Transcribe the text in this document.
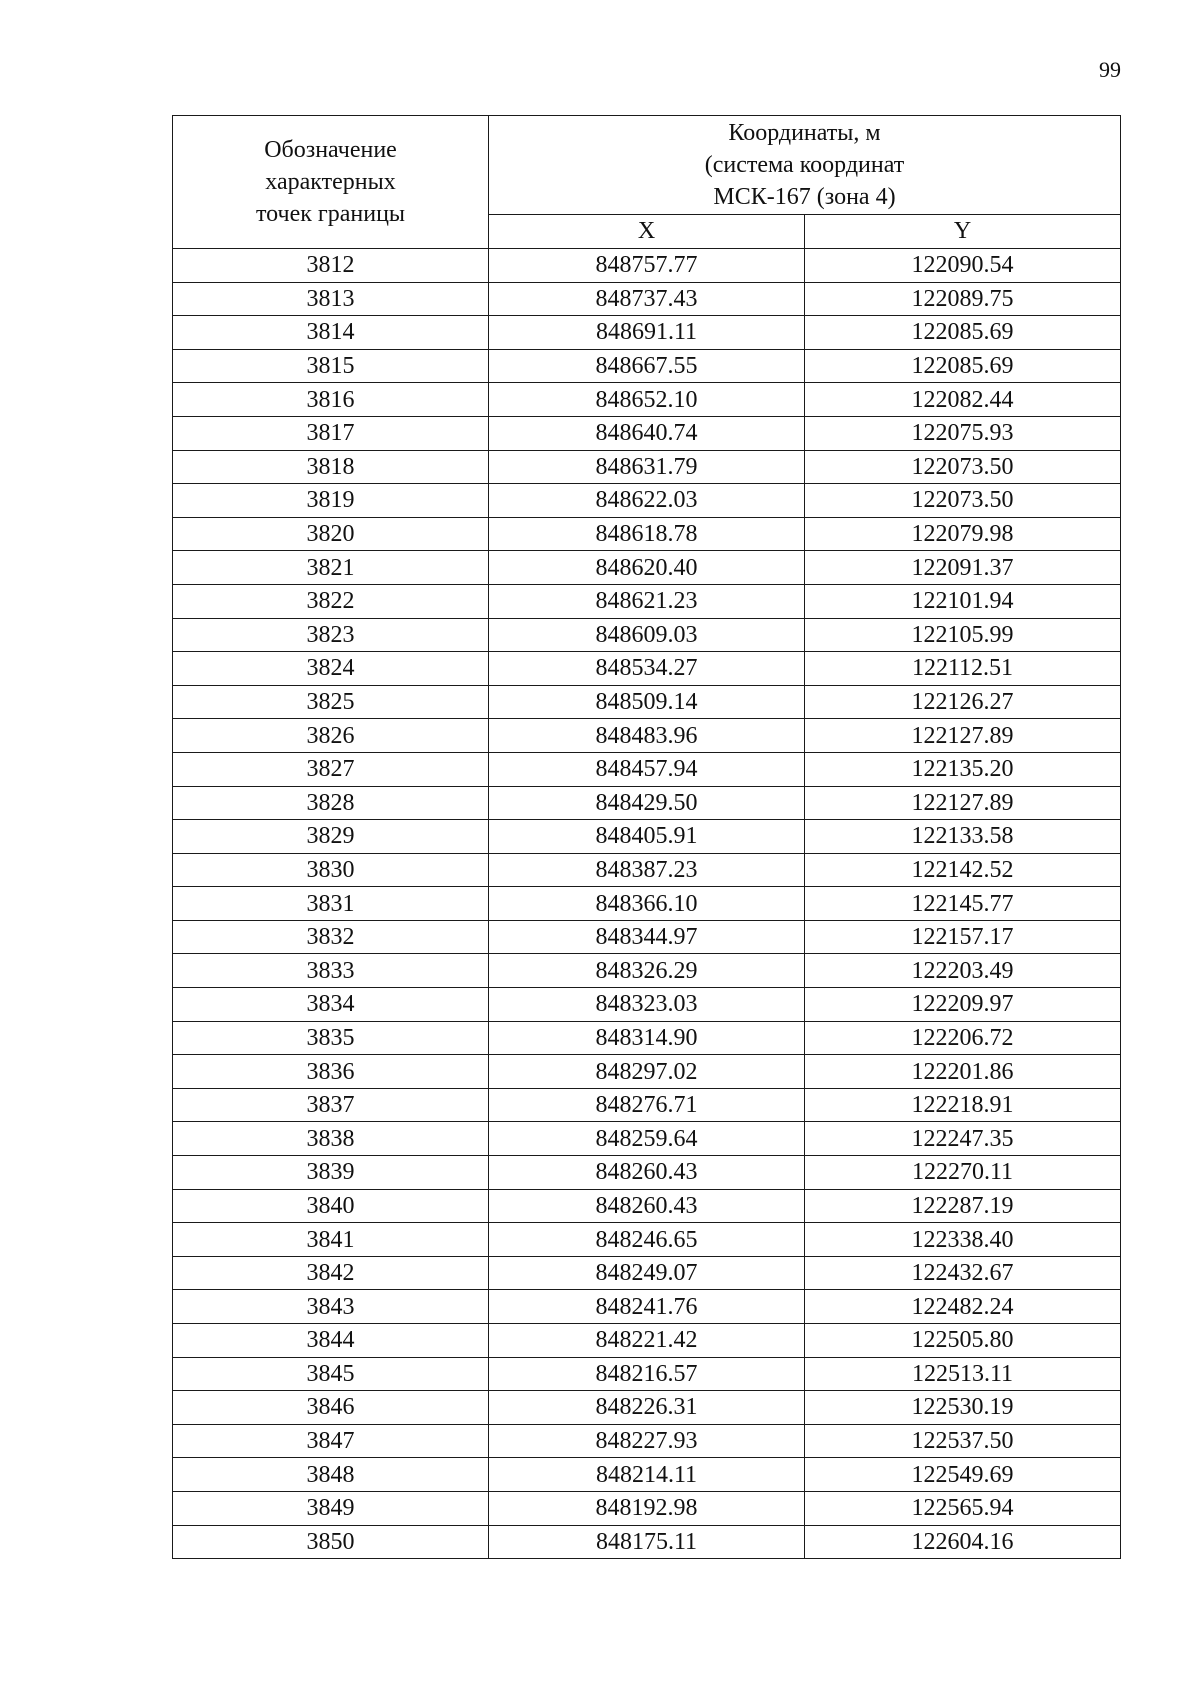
99
Обозначение
характерных
точек границы	Координаты, м
(система координат
МСК-167 (зона 4)	

	X	Y
3812	848757.77	122090.54
3813	848737.43	122089.75
3814	848691.11	122085.69
3815	848667.55	122085.69
3816	848652.10	122082.44
3817	848640.74	122075.93
3818	848631.79	122073.50
3819	848622.03	122073.50
3820	848618.78	122079.98
3821	848620.40	122091.37
3822	848621.23	122101.94
3823	848609.03	122105.99
3824	848534.27	122112.51
3825	848509.14	122126.27
3826	848483.96	122127.89
3827	848457.94	122135.20
3828	848429.50	122127.89
3829	848405.91	122133.58
3830	848387.23	122142.52
3831	848366.10	122145.77
3832	848344.97	122157.17
3833	848326.29	122203.49
3834	848323.03	122209.97
3835	848314.90	122206.72
3836	848297.02	122201.86
3837	848276.71	122218.91
3838	848259.64	122247.35
3839	848260.43	122270.11
3840	848260.43	122287.19
3841	848246.65	122338.40
3842	848249.07	122432.67
3843	848241.76	122482.24
3844	848221.42	122505.80
3845	848216.57	122513.11
3846	848226.31	122530.19
3847	848227.93	122537.50
3848	848214.11	122549.69
3849	848192.98	122565.94
3850	848175.11	122604.16
